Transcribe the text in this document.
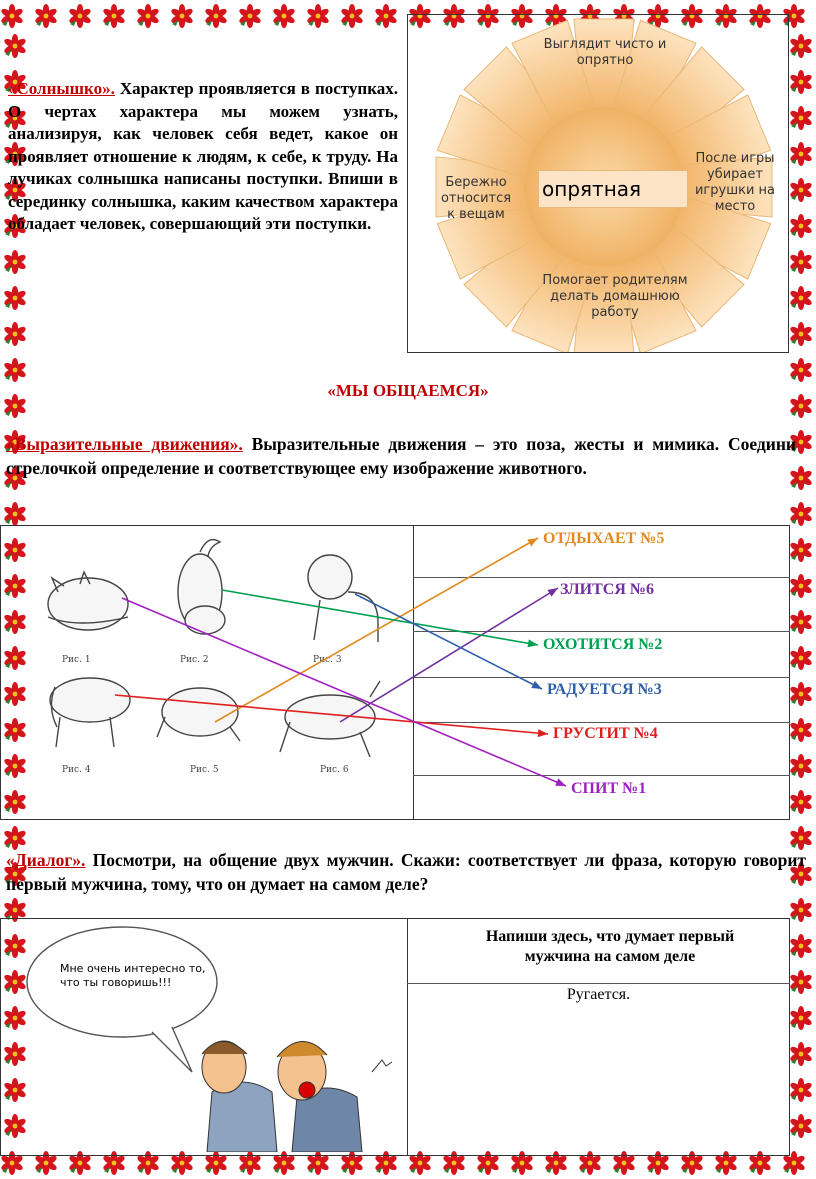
«Солнышко». Характер проявляется в поступках. О чертах характера мы можем узнать, анализируя, как человек себя ведет, какое он проявляет отношение к людям, к себе, к труду. На лучиках солнышка написаны поступки. Впиши в серединку солнышка, каким качеством характера обладает человек, совершающий эти поступки.
опрятная
Выглядит чисто и опрятно
После игры убирает игрушки на место
Помогает родителям делать домашнюю работу
Бережно относится к вещам
«МЫ ОБЩАЕМСЯ»
«Выразительные движения». Выразительные движения – это поза, жесты и мимика. Соедини стрелочкой определение и соответствующее ему изображение животного.
Рис. 1	Рис. 2	Рис. 3
Рис. 4	Рис. 5	Рис. 6
ОТДЫХАЕТ №5
ЗЛИТСЯ №6
ОХОТИТСЯ №2
РАДУЕТСЯ №3
ГРУСТИТ №4
СПИТ №1
«Диалог». Посмотри, на общение двух мужчин. Скажи: соответствует ли фраза, которую говорит первый мужчина, тому, что он думает на самом деле?
Мне очень интересно то, что ты говоришь!!!
Напиши здесь, что думает первый мужчина на самом деле
Ругается.
